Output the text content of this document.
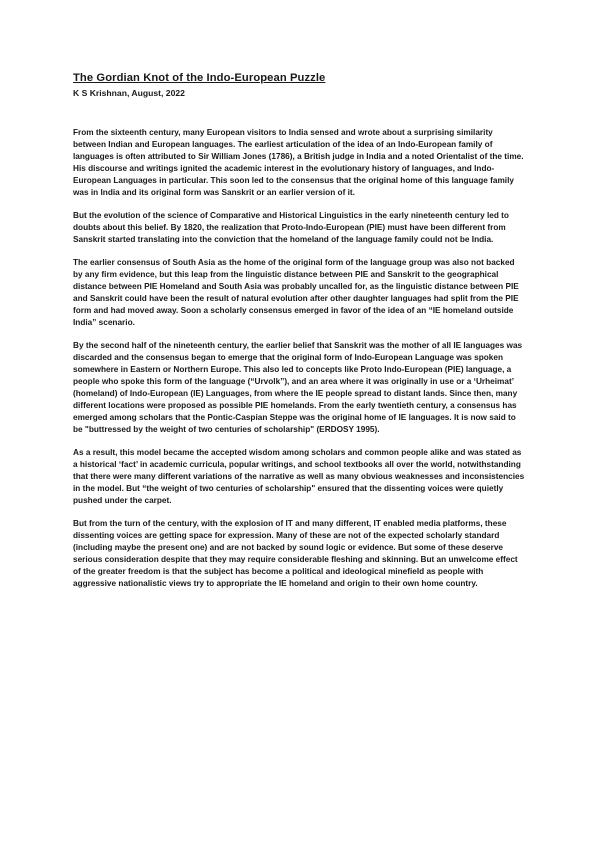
The Gordian Knot of the Indo-European Puzzle
K S Krishnan, August, 2022

From the sixteenth century, many European visitors to India sensed and wrote about a surprising similarity between Indian and European languages. The earliest articulation of the idea of an Indo-European family of languages is often attributed to Sir William Jones (1786), a British judge in India and a noted Orientalist of the time. His discourse and writings ignited the academic interest in the evolutionary history of languages, and Indo-European Languages in particular. This soon led to the consensus that the original home of this language family was in India and its original form was Sanskrit or an earlier version of it.

But the evolution of the science of Comparative and Historical Linguistics in the early nineteenth century led to doubts about this belief. By 1820, the realization that Proto-Indo-European (PIE) must have been different from Sanskrit started translating into the conviction that the homeland of the language family could not be India.

The earlier consensus of South Asia as the home of the original form of the language group was also not backed by any firm evidence, but this leap from the linguistic distance between PIE and Sanskrit to the geographical distance between PIE Homeland and South Asia was probably uncalled for, as the linguistic distance between PIE and Sanskrit could have been the result of natural evolution after other daughter languages had split from the PIE form and had moved away. Soon a scholarly consensus emerged in favor of the idea of an “IE homeland outside India” scenario.

By the second half of the nineteenth century, the earlier belief that Sanskrit was the mother of all IE languages was discarded and the consensus began to emerge that the original form of Indo-European Language was spoken somewhere in Eastern or Northern Europe. This also led to concepts like Proto Indo-European (PIE) language, a people who spoke this form of the language (“Urvolk”), and an area where it was originally in use or a ‘Urheimat’ (homeland) of Indo-European (IE) Languages, from where the IE people spread to distant lands. Since then, many different locations were proposed as possible PIE homelands. From the early twentieth century, a consensus has emerged among scholars that the Pontic-Caspian Steppe was the original home of IE languages. It is now said to be "buttressed by the weight of two centuries of scholarship" (ERDOSY 1995).

As a result, this model became the accepted wisdom among scholars and common people alike and was stated as a historical ‘fact’ in academic curricula, popular writings, and school textbooks all over the world, notwithstanding that there were many different variations of the narrative as well as many obvious weaknesses and inconsistencies in the model. But “the weight of two centuries of scholarship" ensured that the dissenting voices were quietly pushed under the carpet.

But from the turn of the century, with the explosion of IT and many different, IT enabled media platforms, these dissenting voices are getting space for expression. Many of these are not of the expected scholarly standard (including maybe the present one) and are not backed by sound logic or evidence. But some of these deserve serious consideration despite that they may require considerable fleshing and skinning. But an unwelcome effect of the greater freedom is that the subject has become a political and ideological minefield as people with aggressive nationalistic views try to appropriate the IE homeland and origin to their own home country.
